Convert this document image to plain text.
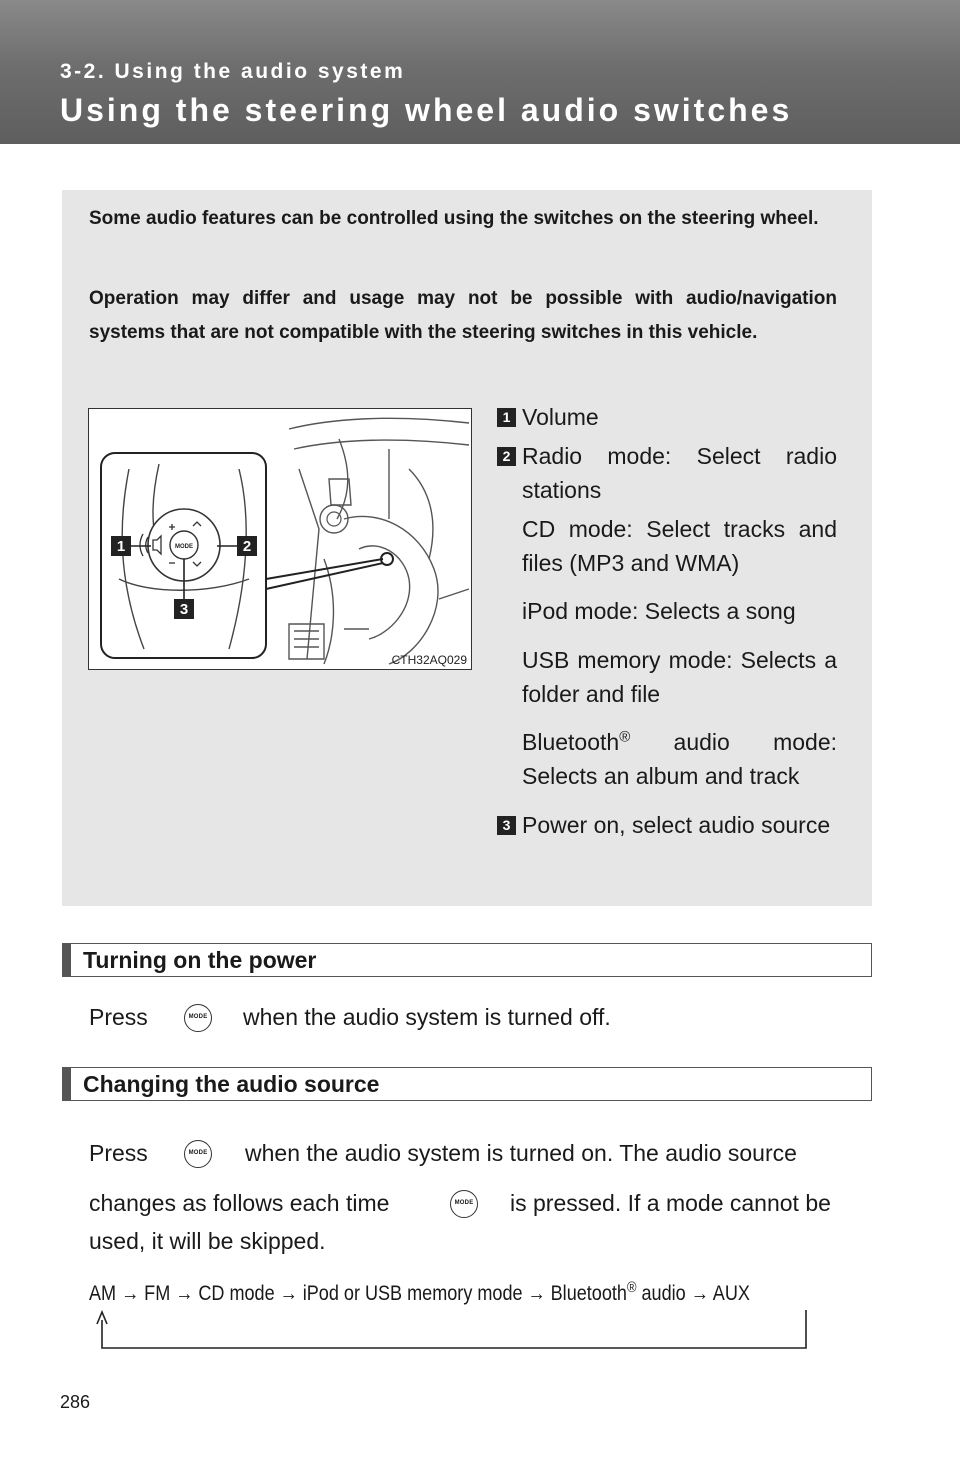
3-2. Using the audio system
Using the steering wheel audio switches
Some audio features can be controlled using the switches on the steering wheel.
Operation may differ and usage may not be possible with audio/navigation systems that are not compatible with the steering switches in this vehicle.
MODE
1	2
3
CTH32AQ029
1 Volume
2 Radio mode: Select radio stations
CD mode: Select tracks and files (MP3 and WMA)
iPod mode: Selects a song
USB memory mode: Selects a folder and file
Bluetooth® audio mode: Selects an album and track
3 Power on, select audio source
Turning on the power
Press	MODE when the audio system is turned off.
Changing the audio source
Press	MODE when the audio system is turned on. The audio source
changes as follows each time	MODE is pressed. If a mode cannot be
used, it will be skipped.
AM → FM → CD mode → iPod or USB memory mode → Bluetooth® audio → AUX
286
